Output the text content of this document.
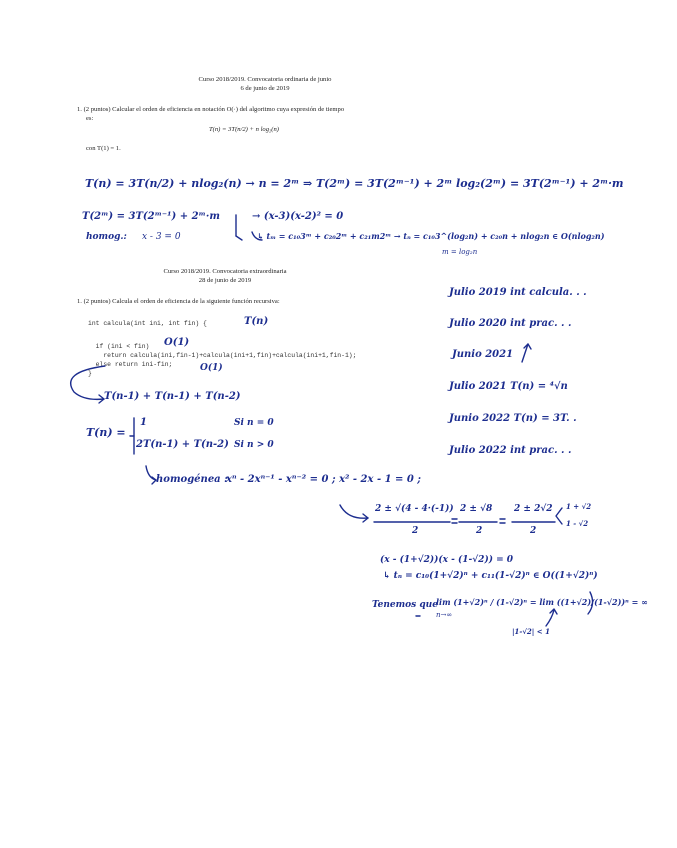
Curso 2018/2019. Convocatoria ordinaria de junio
6 de junio de 2019
1. (2 puntos) Calcular el orden de eficiencia en notación O(·) del algoritmo cuya expresión de tiempo
es:
T(n) = 3T(n/2) + n log₂(n)
con T(1) = 1.
T(n) = 3T(n/2) + nlog₂(n) → n = 2ᵐ ⇒ T(2ᵐ) = 3T(2ᵐ⁻¹) + 2ᵐ log₂(2ᵐ) = 3T(2ᵐ⁻¹) + 2ᵐ·m
T(2ᵐ) = 3T(2ᵐ⁻¹) + 2ᵐ·m	→ (x-3)(x-2)² = 0
homog.: x - 3 = 0	↳ tₘ = c₁₀3ᵐ + c₂₀2ᵐ + c₂₁m2ᵐ → tₙ = c₁₀3^(log₂n) + c₂₀n + nlog₂n ∈ O(nlog₂n)
m = log₂n
Curso 2018/2019. Convocatoria extraordinaria
28 de junio de 2019
1. (2 puntos) Calcula el orden de eficiencia de la siguiente función recursiva:
int calcula(int ini, int fin) {
if (ini < fin)
return calcula(ini,fin-1)+calcula(ini+1,fin)+calcula(ini+1,fin-1);
else return ini-fin;
}
T(n)
O(1)
O(1)
Julio 2019 int calcula. . .
Julio 2020 int prac. . .
Junio 2021
Julio 2021 T(n) = ⁴√n
Junio 2022 T(n) = 3T. .
Julio 2022 int prac. . .
T(n-1) + T(n-1) + T(n-2)
T(n) =
1	Si n = 0
2T(n-1) + T(n-2) Si n > 0
homogénea :
xⁿ - 2xⁿ⁻¹ - xⁿ⁻² = 0 ; x² - 2x - 1 = 0 ;
2 ± √(4 - 4·(-1))
2
2 ± √8
2
2 ± 2√2
2
1 + √2
1 - √2
(x - (1+√2))(x - (1-√2)) = 0
↳ tₙ = c₁₀(1+√2)ⁿ + c₁₁(1-√2)ⁿ ∈ O((1+√2)ⁿ)
Tenemos que
lim (1+√2)ⁿ / (1-√2)ⁿ = lim ((1+√2)/(1-√2))ⁿ = ∞
n→∞
|1-√2| < 1
